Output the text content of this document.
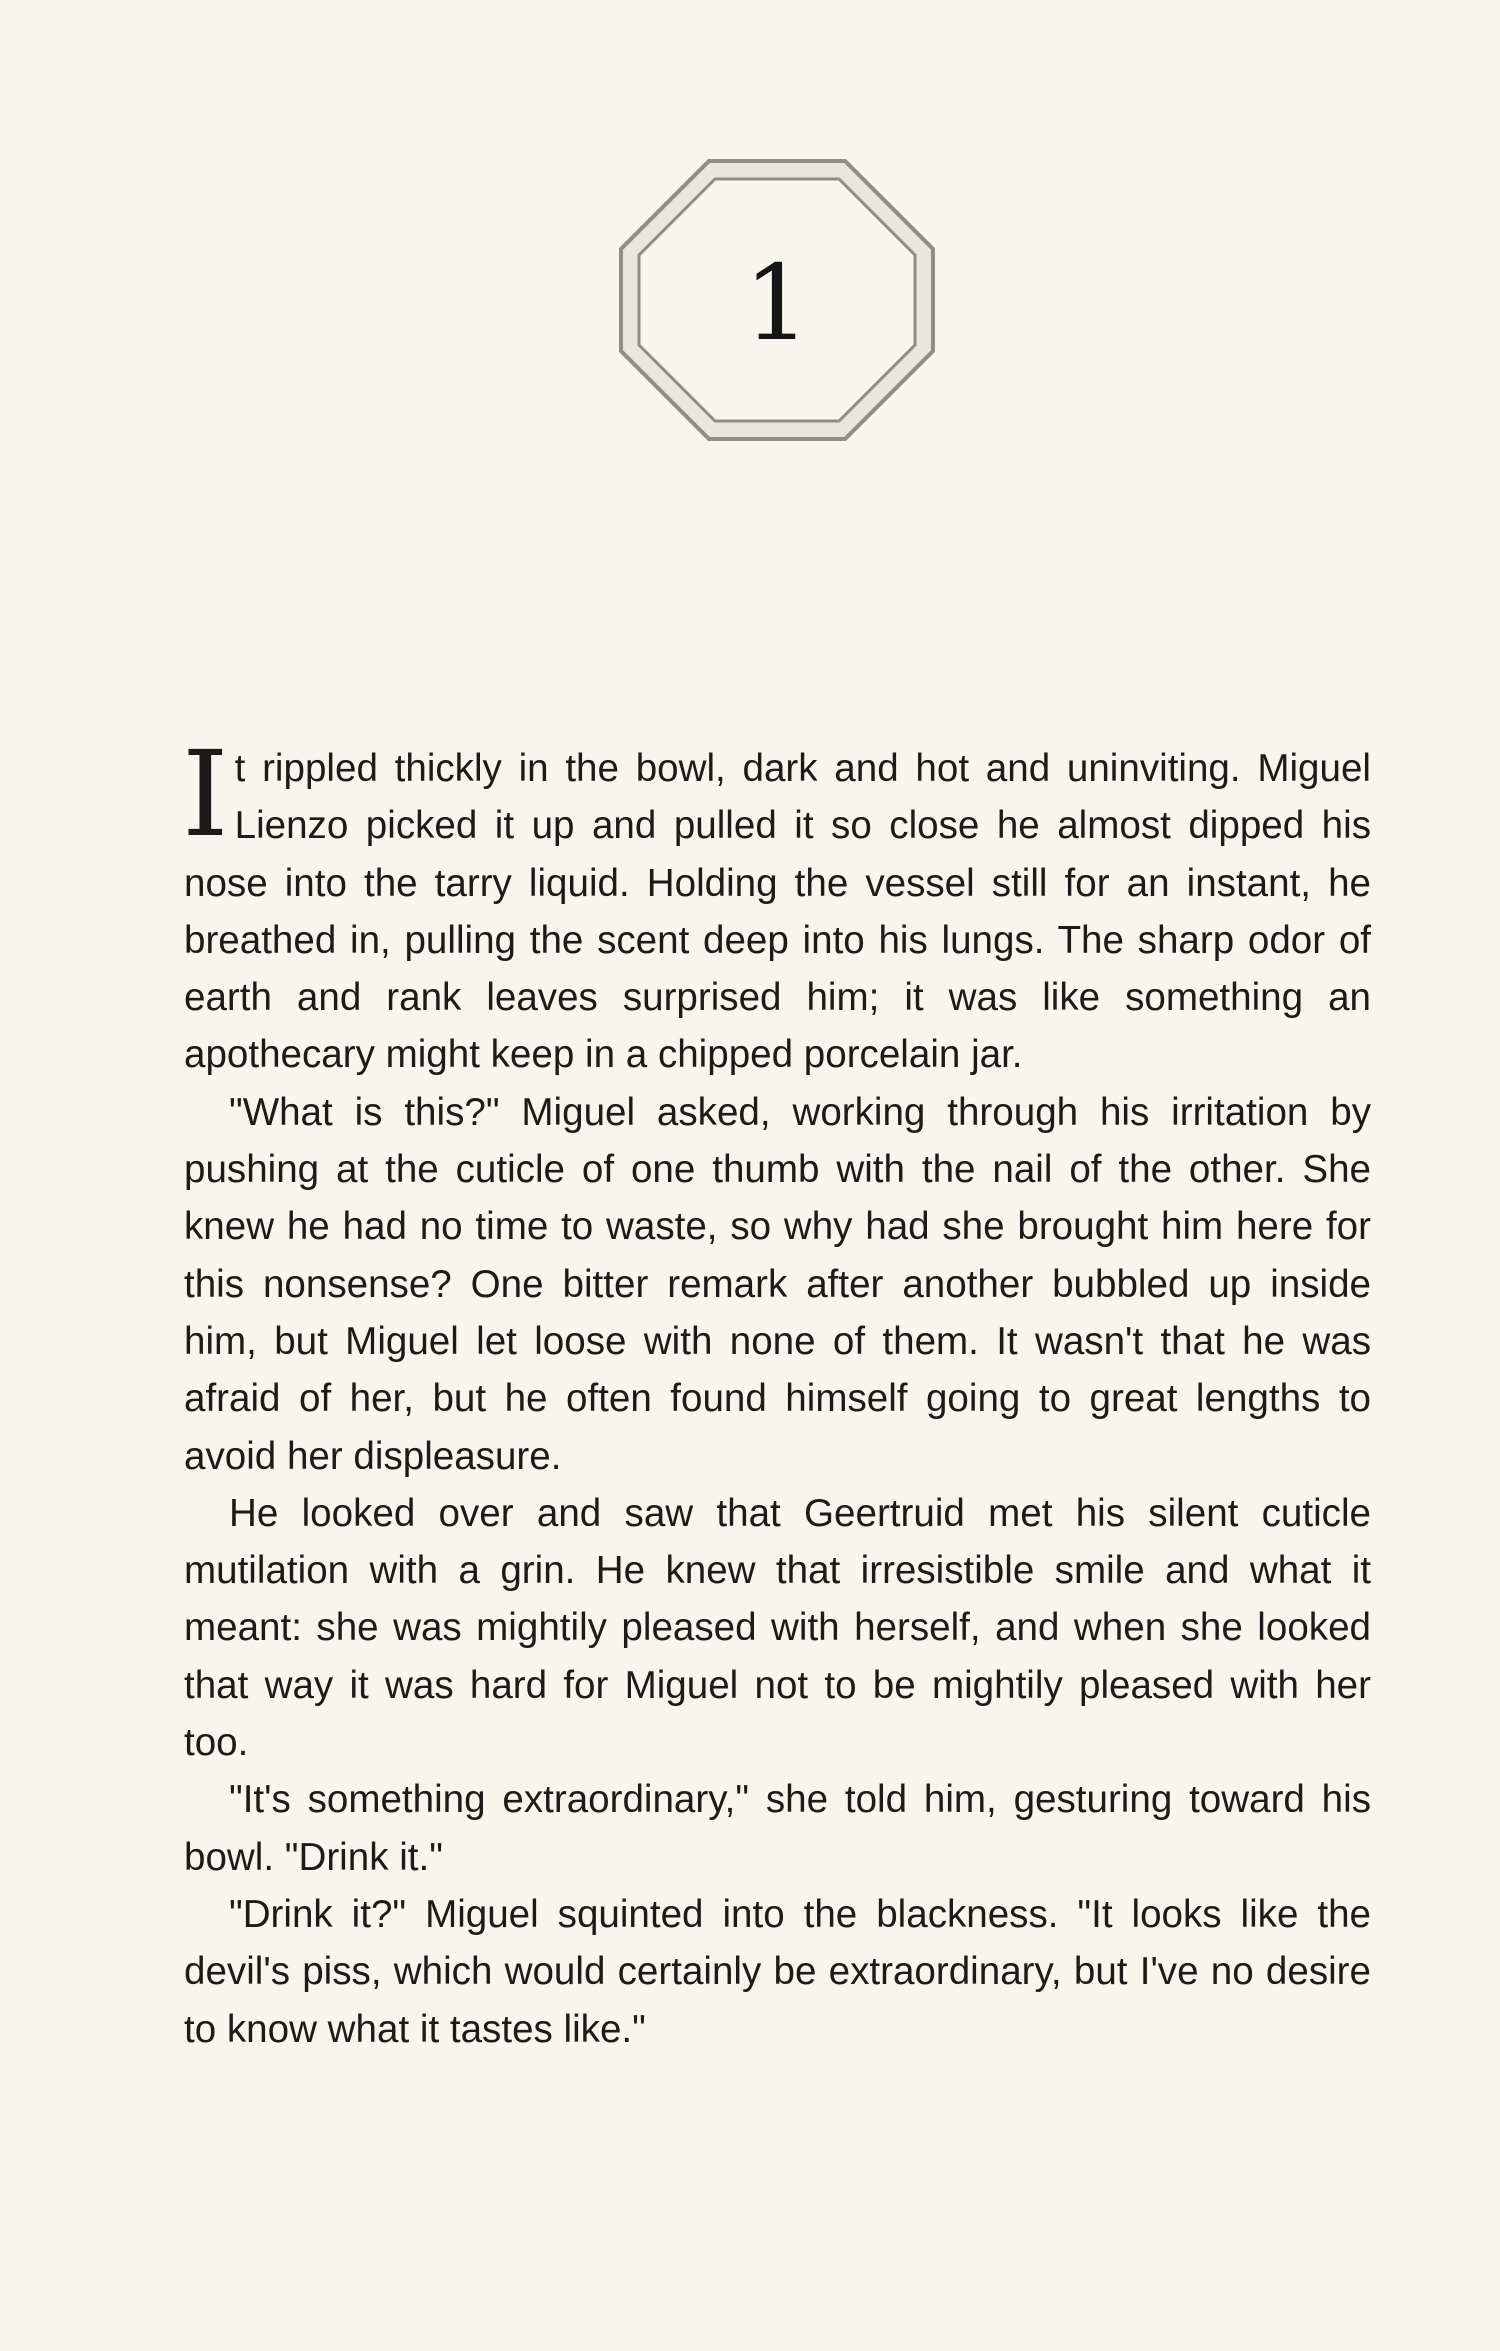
1

It rippled thickly in the bowl, dark and hot and uninviting. Miguel Lienzo picked it up and pulled it so close he almost dipped his nose into the tarry liquid. Holding the vessel still for an instant, he breathed in, pulling the scent deep into his lungs. The sharp odor of earth and rank leaves surprised him; it was like something an apothecary might keep in a chipped porcelain jar.

"What is this?" Miguel asked, working through his irritation by pushing at the cuticle of one thumb with the nail of the other. She knew he had no time to waste, so why had she brought him here for this nonsense? One bitter remark after another bubbled up inside him, but Miguel let loose with none of them. It wasn't that he was afraid of her, but he often found himself going to great lengths to avoid her displeasure.

He looked over and saw that Geertruid met his silent cuticle mutilation with a grin. He knew that irresistible smile and what it meant: she was mightily pleased with herself, and when she looked that way it was hard for Miguel not to be mightily pleased with her too.

"It's something extraordinary," she told him, gesturing toward his bowl. "Drink it."

"Drink it?" Miguel squinted into the blackness. "It looks like the devil's piss, which would certainly be extraordinary, but I've no desire to know what it tastes like."
